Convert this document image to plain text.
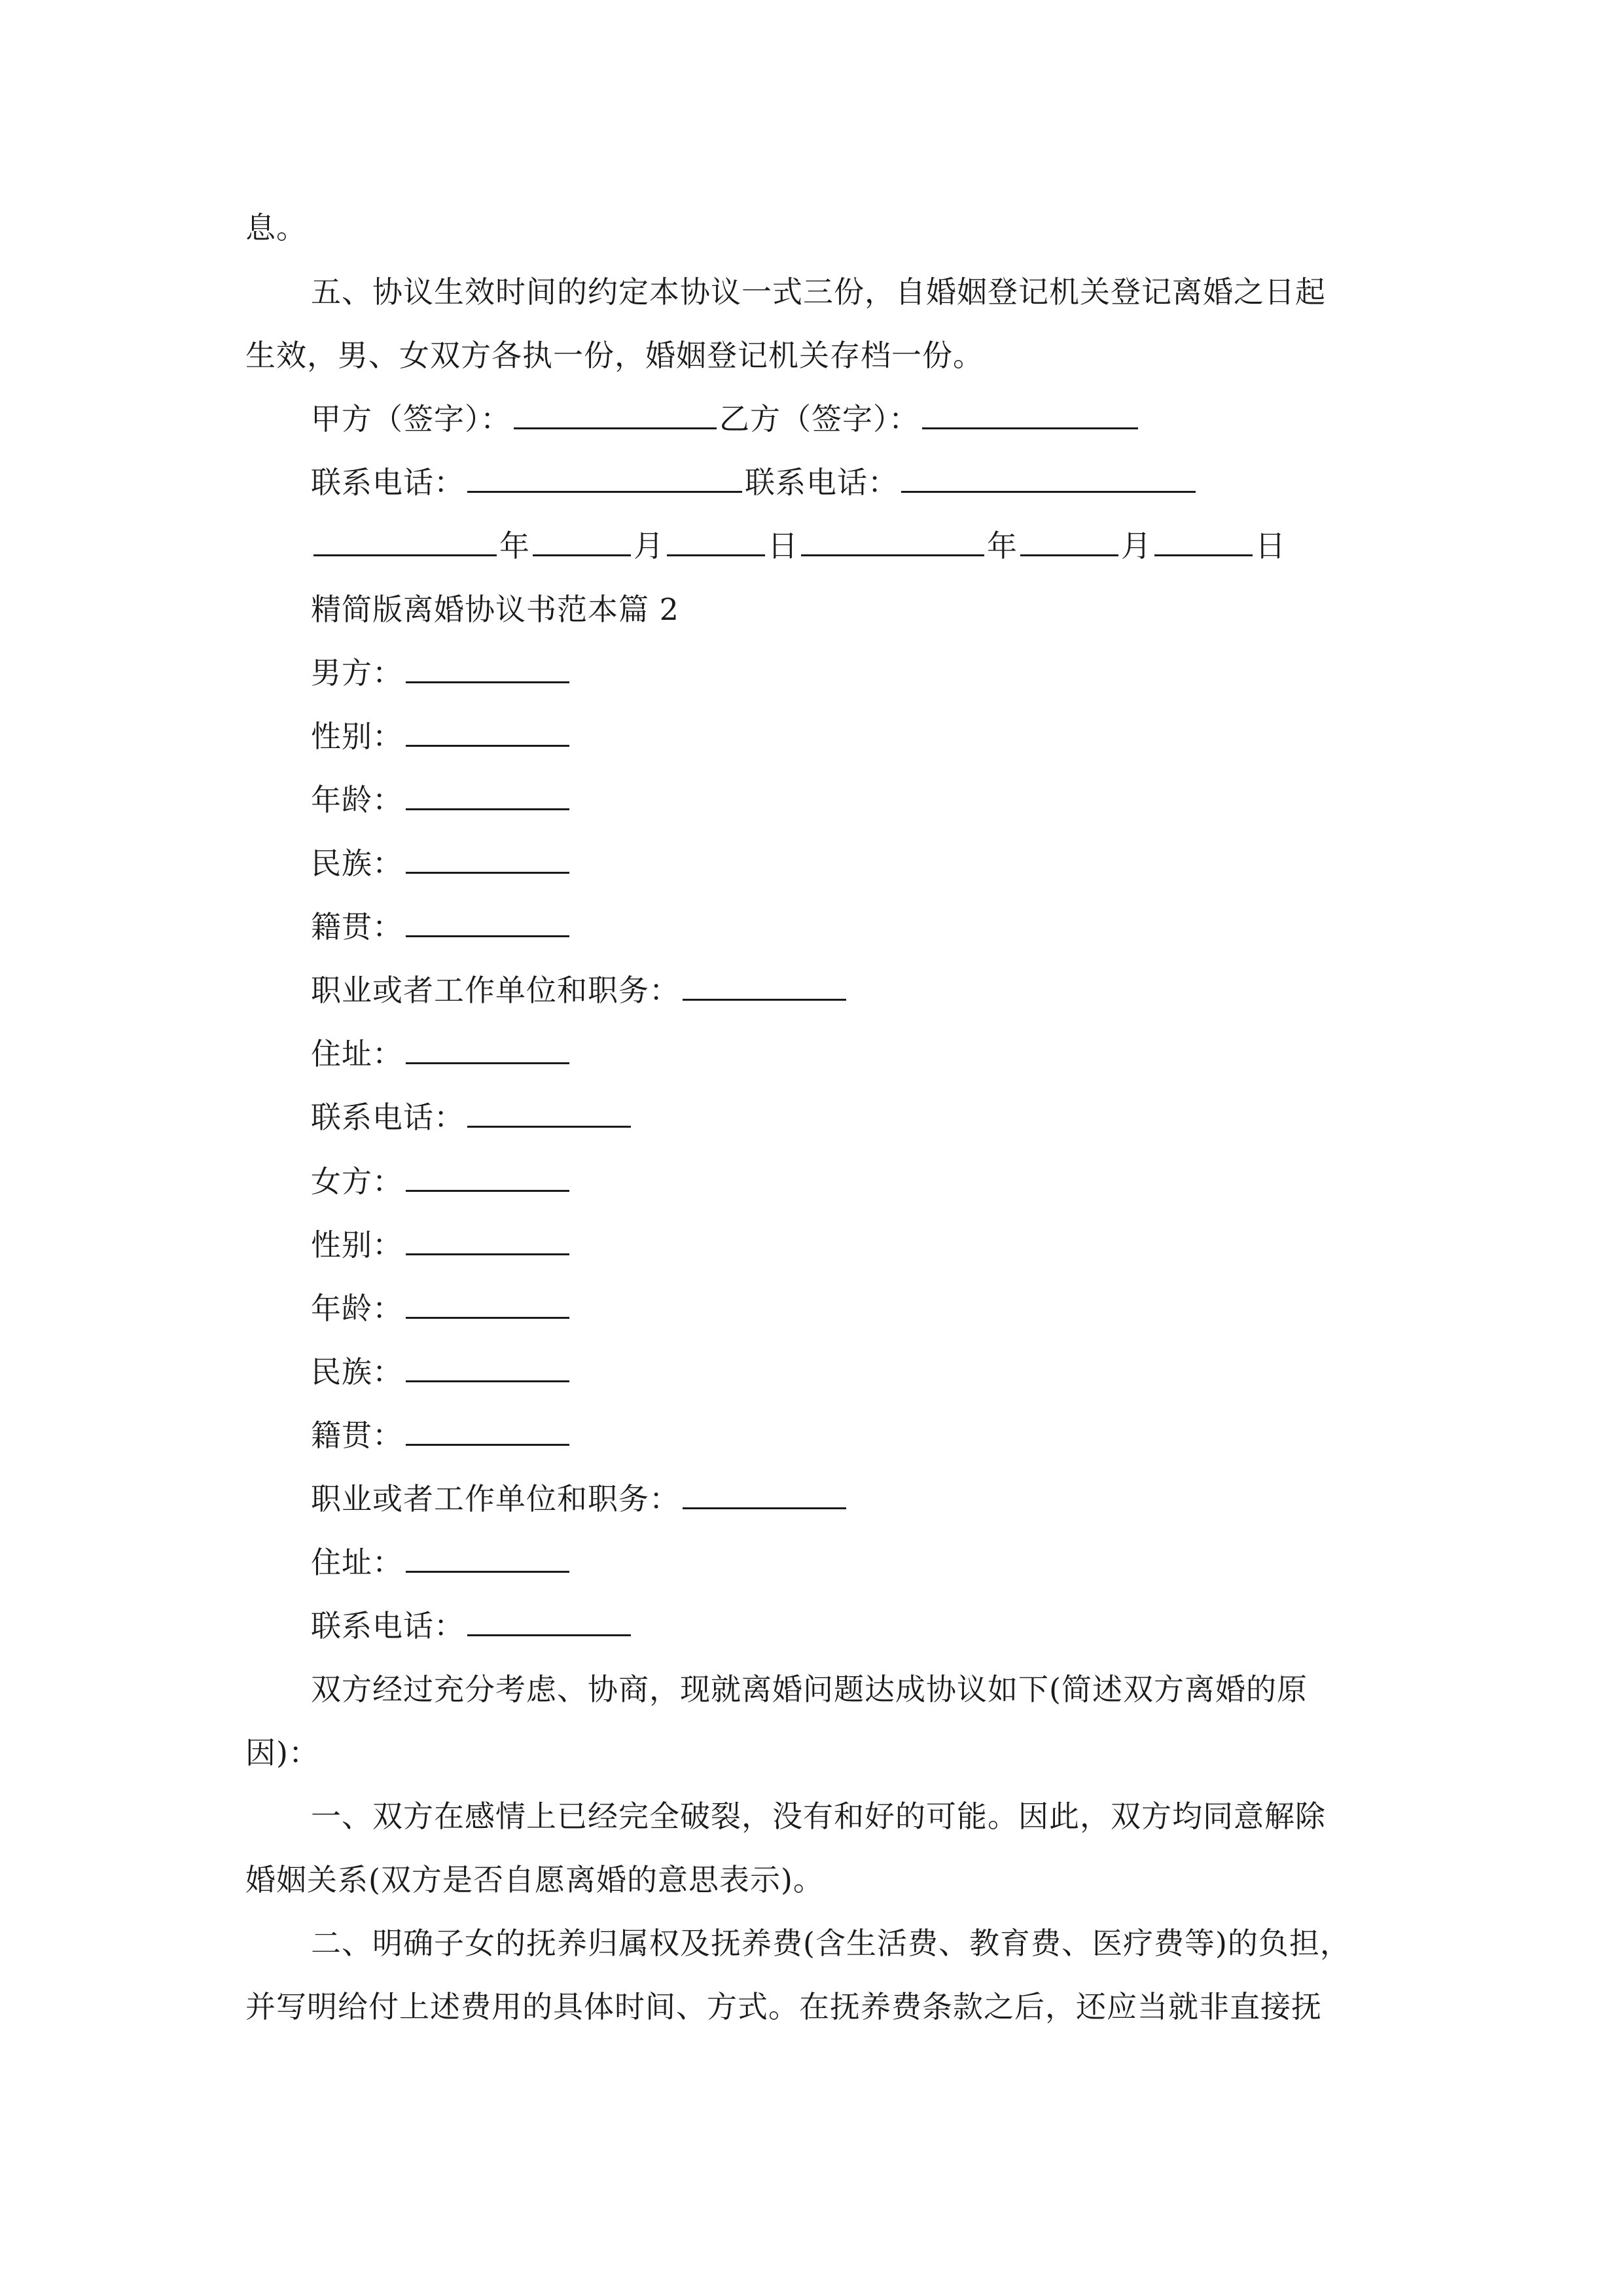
息。
五、协议生效时间的约定本协议一式三份，自婚姻登记机关登记离婚之日起
生效，男、女双方各执一份，婚姻登记机关存档一份。
甲方（签字）：	乙方（签字）：
联系电话：	联系电话：
年	月	日	年	月	日
精简版离婚协议书范本篇 2
男方：
性别：
年龄：
民族：
籍贯：
职业或者工作单位和职务：
住址：
联系电话：
女方：
性别：
年龄：
民族：
籍贯：
职业或者工作单位和职务：
住址：
联系电话：
双方经过充分考虑、协商，现就离婚问题达成协议如下(简述双方离婚的原
因)：
一、双方在感情上已经完全破裂，没有和好的可能。因此，双方均同意解除
婚姻关系(双方是否自愿离婚的意思表示)。
二、明确子女的抚养归属权及抚养费(含生活费、教育费、医疗费等)的负担，
并写明给付上述费用的具体时间、方式。在抚养费条款之后，还应当就非直接抚
